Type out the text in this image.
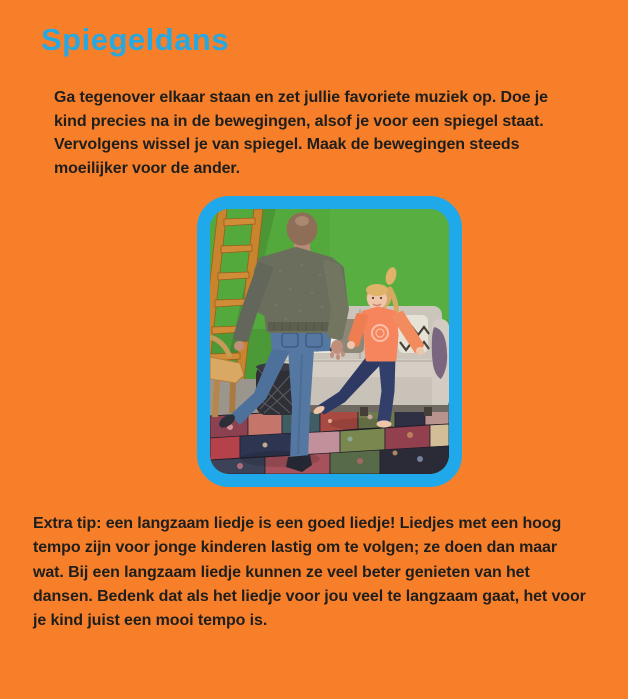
Spiegeldans
Ga tegenover elkaar staan en zet jullie favoriete muziek op. Doe je
kind precies na in de bewegingen, alsof je voor een spiegel staat.
Vervolgens wissel je van spiegel. Maak de bewegingen steeds
moeilijker voor de ander.
Extra tip: een langzaam liedje is een goed liedje! Liedjes met een hoog
tempo zijn voor jonge kinderen lastig om te volgen; ze doen dan maar
wat. Bij een langzaam liedje kunnen ze veel beter genieten van het
dansen. Bedenk dat als het liedje voor jou veel te langzaam gaat, het voor
je kind juist een mooi tempo is.
